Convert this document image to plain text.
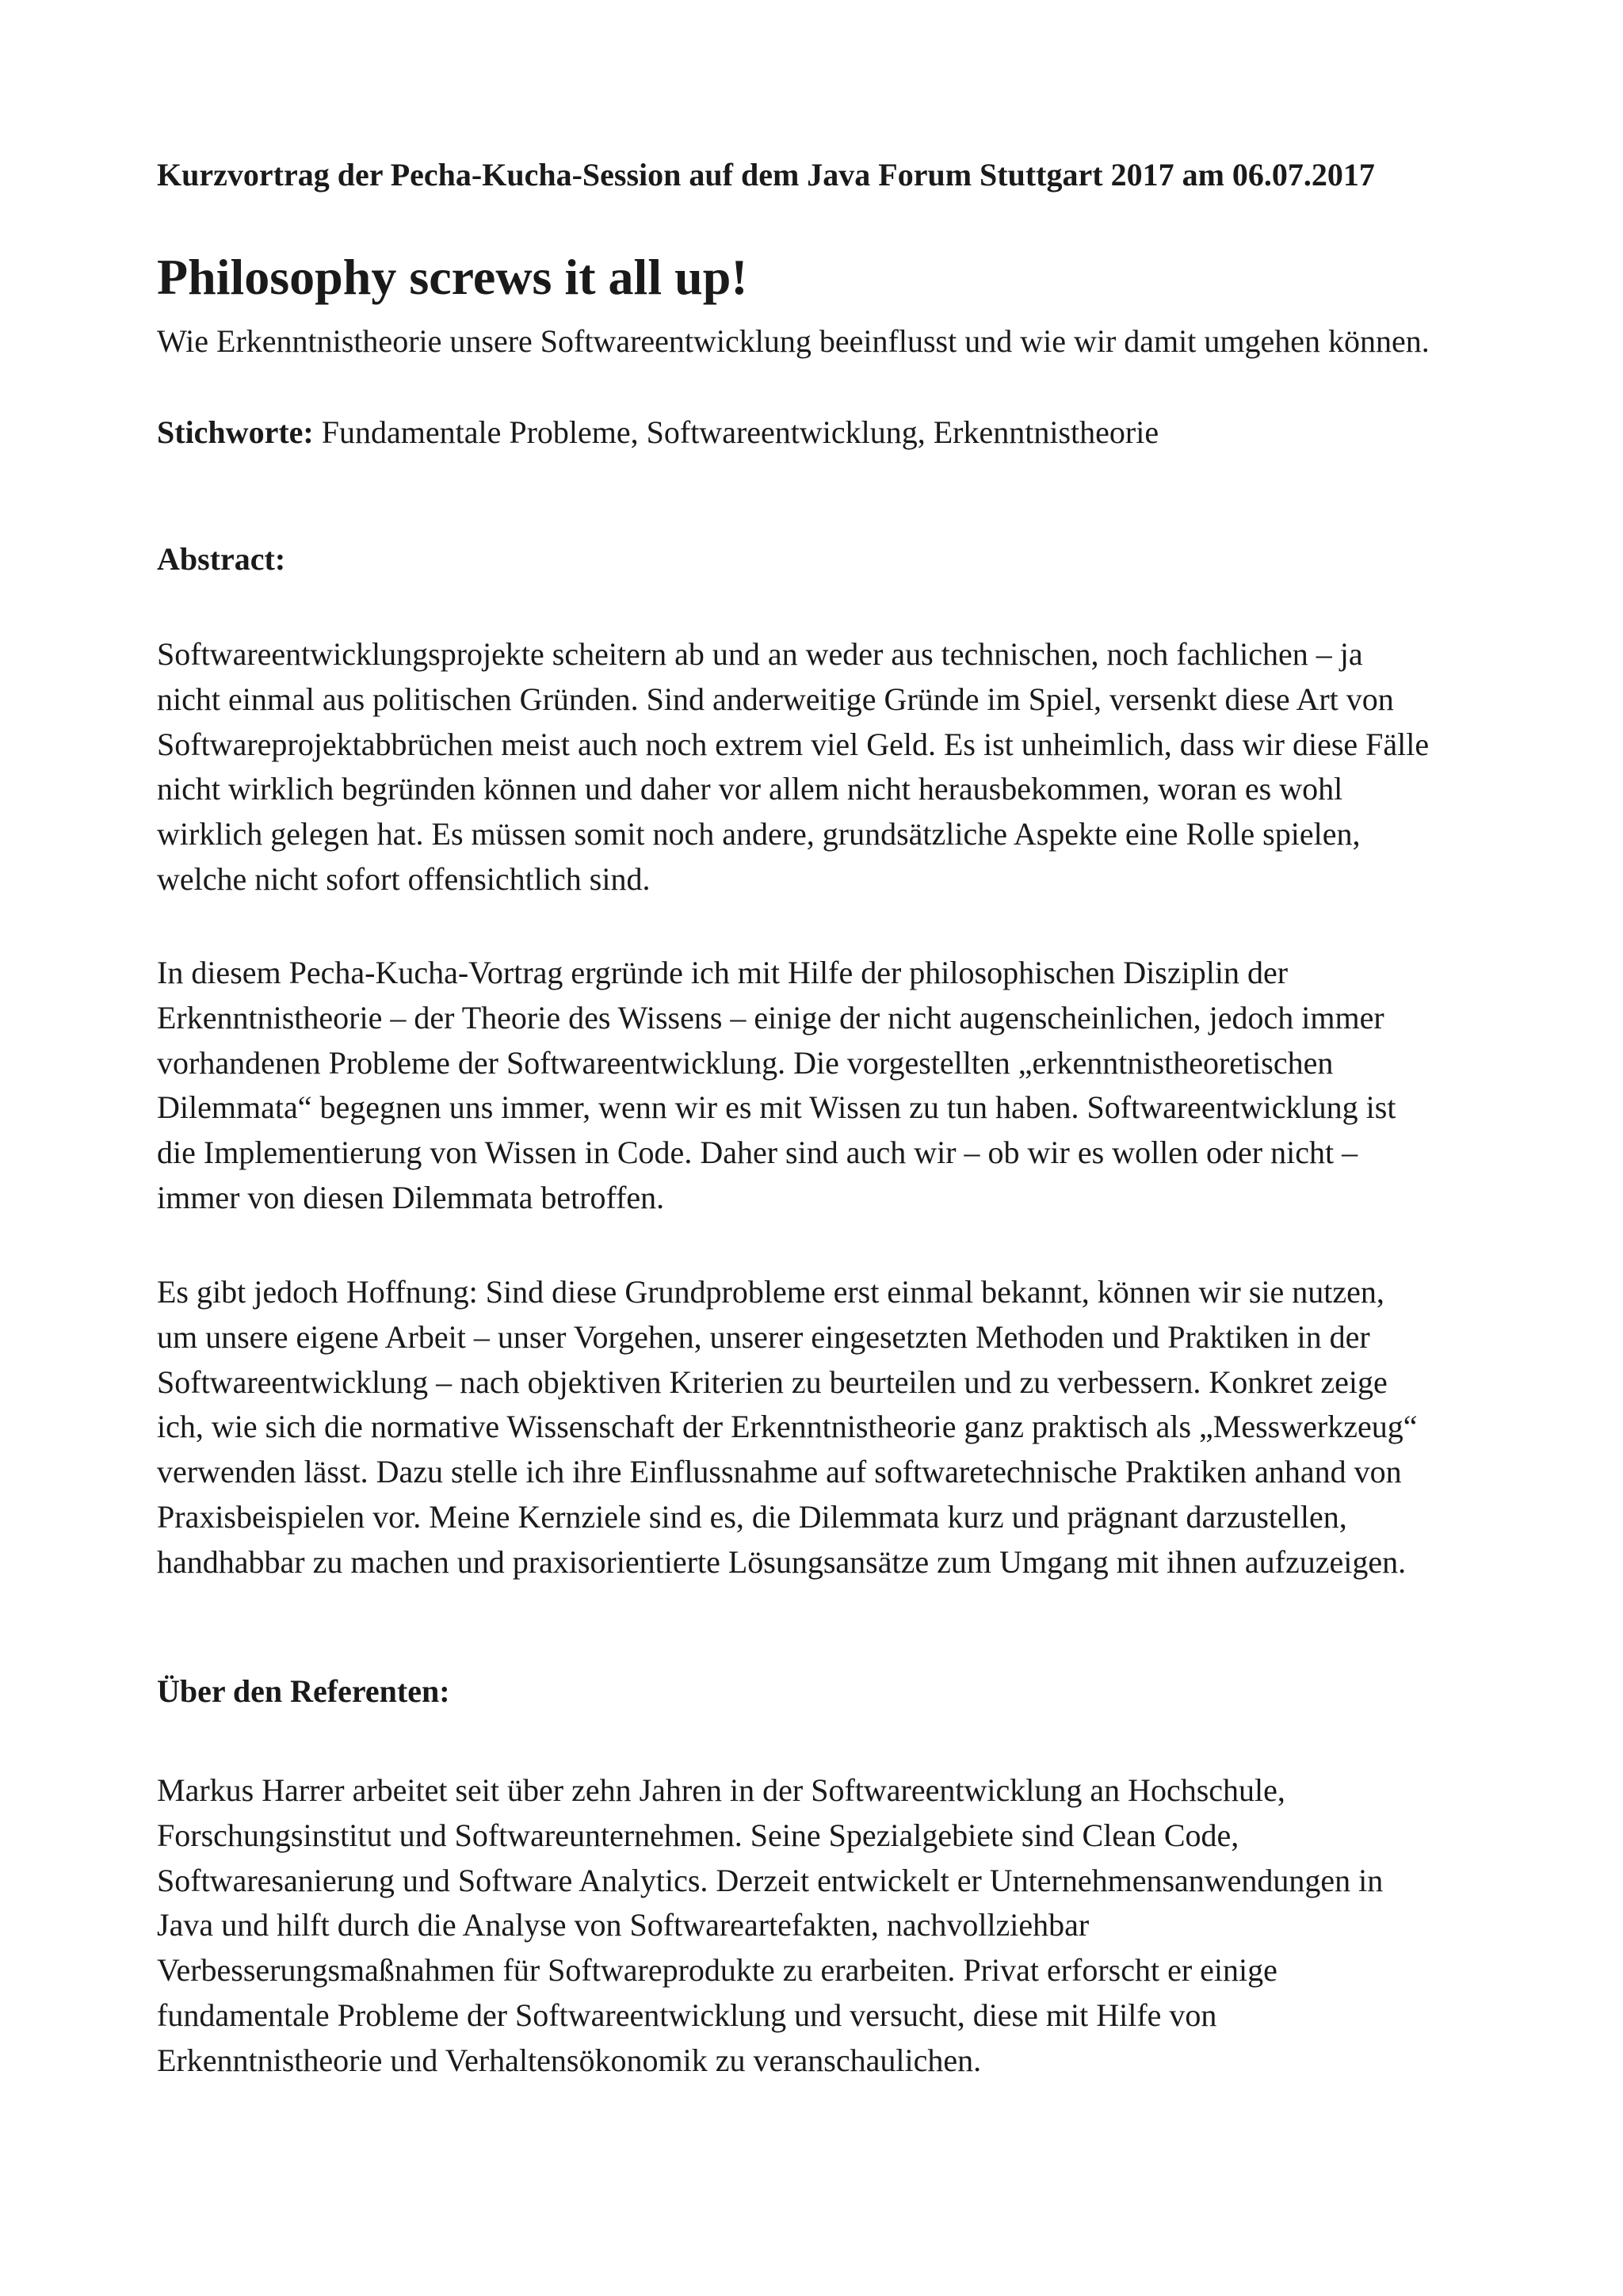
Kurzvortrag der Pecha-Kucha-Session auf dem Java Forum Stuttgart 2017 am 06.07.2017
Philosophy screws it all up!
Wie Erkenntnistheorie unsere Softwareentwicklung beeinflusst und wie wir damit umgehen können.
Stichworte: Fundamentale Probleme, Softwareentwicklung, Erkenntnistheorie
Abstract:

Softwareentwicklungsprojekte scheitern ab und an weder aus technischen, noch fachlichen – ja
nicht einmal aus politischen Gründen. Sind anderweitige Gründe im Spiel, versenkt diese Art von
Softwareprojektabbrüchen meist auch noch extrem viel Geld. Es ist unheimlich, dass wir diese Fälle
nicht wirklich begründen können und daher vor allem nicht herausbekommen, woran es wohl
wirklich gelegen hat. Es müssen somit noch andere, grundsätzliche Aspekte eine Rolle spielen,
welche nicht sofort offensichtlich sind.

In diesem Pecha-Kucha-Vortrag ergründe ich mit Hilfe der philosophischen Disziplin der
Erkenntnistheorie – der Theorie des Wissens – einige der nicht augenscheinlichen, jedoch immer
vorhandenen Probleme der Softwareentwicklung. Die vorgestellten „erkenntnistheoretischen
Dilemmata“ begegnen uns immer, wenn wir es mit Wissen zu tun haben. Softwareentwicklung ist
die Implementierung von Wissen in Code. Daher sind auch wir – ob wir es wollen oder nicht –
immer von diesen Dilemmata betroffen.

Es gibt jedoch Hoffnung: Sind diese Grundprobleme erst einmal bekannt, können wir sie nutzen,
um unsere eigene Arbeit – unser Vorgehen, unserer eingesetzten Methoden und Praktiken in der
Softwareentwicklung – nach objektiven Kriterien zu beurteilen und zu verbessern. Konkret zeige
ich, wie sich die normative Wissenschaft der Erkenntnistheorie ganz praktisch als „Messwerkzeug“
verwenden lässt. Dazu stelle ich ihre Einflussnahme auf softwaretechnische Praktiken anhand von
Praxisbeispielen vor. Meine Kernziele sind es, die Dilemmata kurz und prägnant darzustellen,
handhabbar zu machen und praxisorientierte Lösungsansätze zum Umgang mit ihnen aufzuzeigen.

Über den Referenten:

Markus Harrer arbeitet seit über zehn Jahren in der Softwareentwicklung an Hochschule,
Forschungsinstitut und Softwareunternehmen. Seine Spezialgebiete sind Clean Code,
Softwaresanierung und Software Analytics. Derzeit entwickelt er Unternehmensanwendungen in
Java und hilft durch die Analyse von Softwareartefakten, nachvollziehbar
Verbesserungsmaßnahmen für Softwareprodukte zu erarbeiten. Privat erforscht er einige
fundamentale Probleme der Softwareentwicklung und versucht, diese mit Hilfe von
Erkenntnistheorie und Verhaltensökonomik zu veranschaulichen.
